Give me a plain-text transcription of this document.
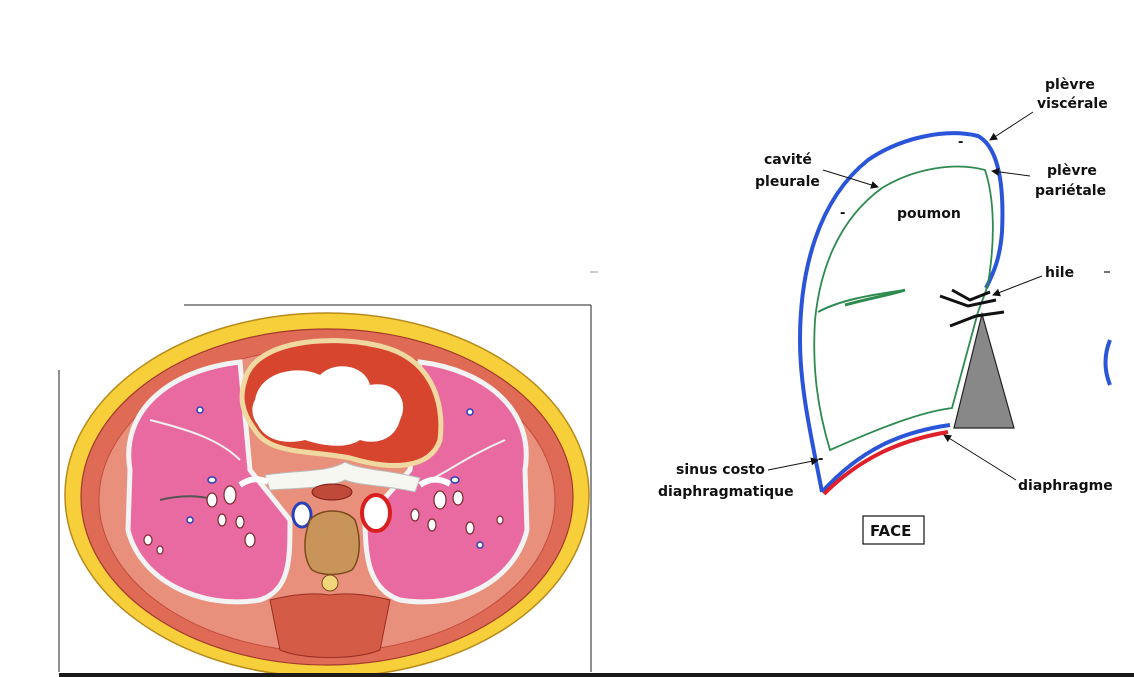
-
-
-
plèvre
viscérale
cavité
pleurale
plèvre
pariétale
poumon
hile
sinus costo
diaphragmatique	diaphragme
FACE
